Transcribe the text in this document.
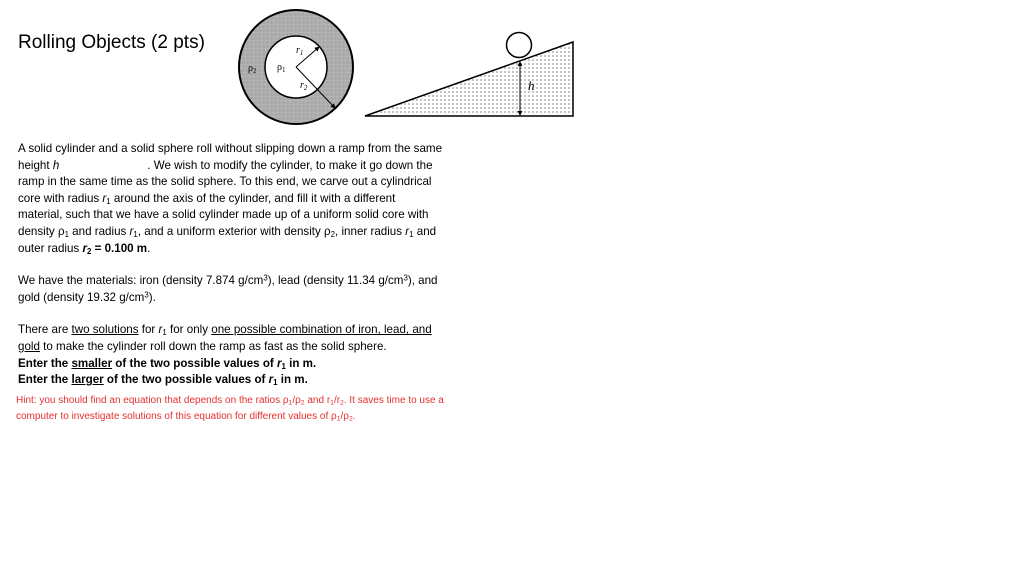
Rolling Objects (2 pts)
$\rho_2$ $\rho_1$
$r_1$
$r_2$	h

A solid cylinder and a solid sphere roll without slipping down a ramp from the same
height h	. We wish to modify the cylinder, to make it go down the
ramp in the same time as the solid sphere. To this end, we carve out a cylindrical
core with radius $r_1$ around the axis of the cylinder, and fill it with a different
material, such that we have a solid cylinder made up of a uniform solid core with
density $\rho_1$ and radius $r_1$, and a uniform exterior with density $\rho_2$, inner radius $r_1$ and
outer radius $r_2 = 0.100$ m.

We have the materials: iron (density 7.874 $g/cm^3$), lead (density 11.34 $g/cm^3$), and
gold (density 19.32 $g/cm^3$).

There are two solutions for $r_1$ for only one possible combination of iron, lead, and
gold to make the cylinder roll down the ramp as fast as the solid sphere.
Enter the smaller of the two possible values of $r_1$ in m.
Enter the larger of the two possible values of $r_1$ in m.

Hint: you should find an equation that depends on the ratios $\rho_1/\rho_2$ and $r_1/r_2$. It saves time to use a
computer to investigate solutions of this equation for different values of $\rho_1/\rho_2$.
